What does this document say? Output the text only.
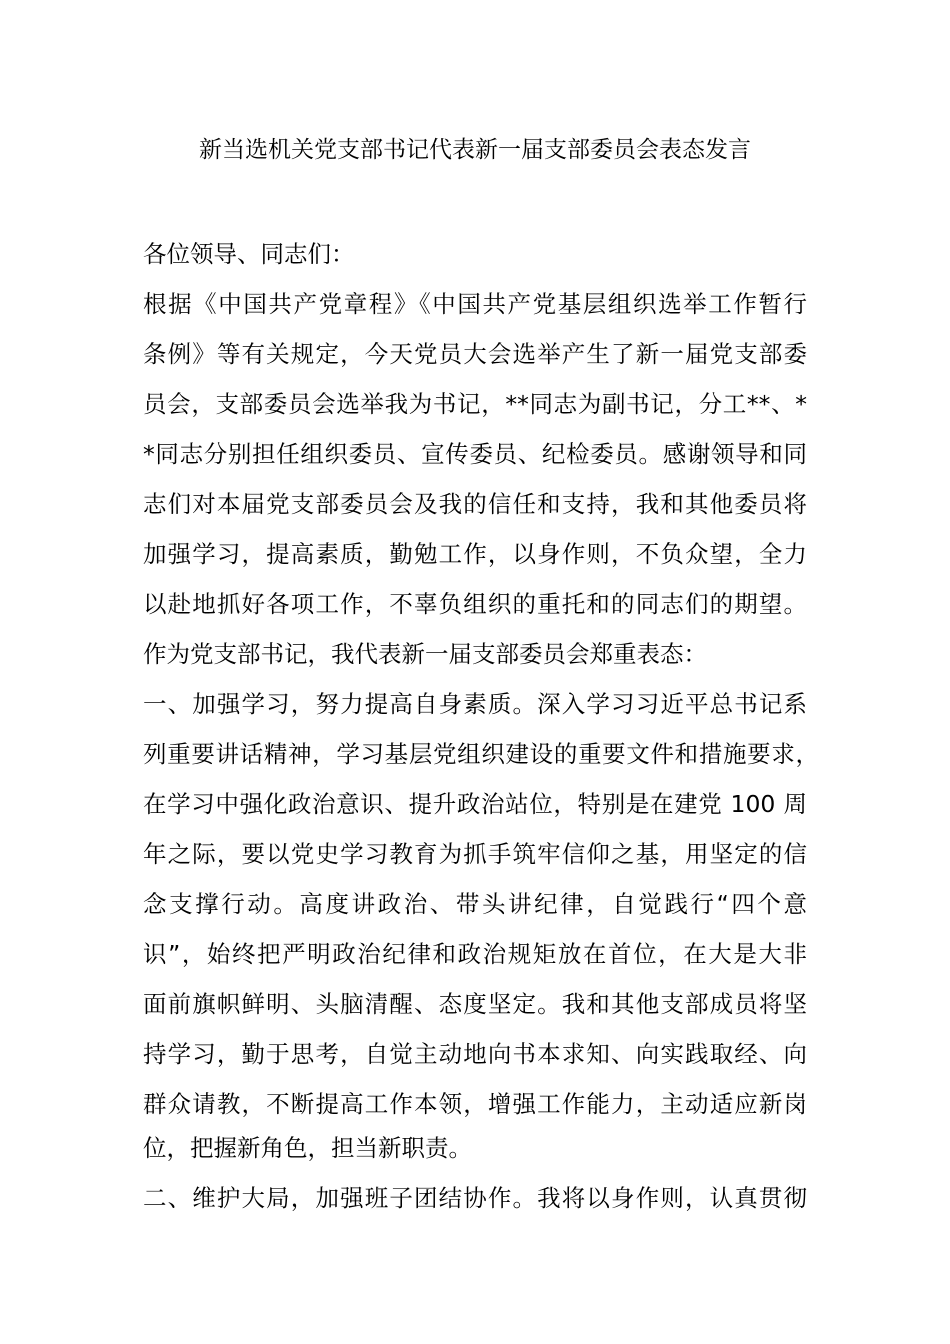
新当选机关党支部书记代表新一届支部委员会表态发言
各位领导、同志们：
根据《中国共产党章程》《中国共产党基层组织选举工作暂行
条例》等有关规定，今天党员大会选举产生了新一届党支部委
员会，支部委员会选举我为书记，**同志为副书记，分工**、*
*同志分别担任组织委员、宣传委员、纪检委员。感谢领导和同
志们对本届党支部委员会及我的信任和支持，我和其他委员将
加强学习，提高素质，勤勉工作，以身作则，不负众望，全力
以赴地抓好各项工作，不辜负组织的重托和的同志们的期望。
作为党支部书记，我代表新一届支部委员会郑重表态：
一、加强学习，努力提高自身素质。深入学习习近平总书记系
列重要讲话精神，学习基层党组织建设的重要文件和措施要求，
在学习中强化政治意识、提升政治站位，特别是在建党 100 周
年之际，要以党史学习教育为抓手筑牢信仰之基，用坚定的信
念支撑行动。高度讲政治、带头讲纪律，自觉践行“四个意
识”，始终把严明政治纪律和政治规矩放在首位，在大是大非
面前旗帜鲜明、头脑清醒、态度坚定。我和其他支部成员将坚
持学习，勤于思考，自觉主动地向书本求知、向实践取经、向
群众请教，不断提高工作本领，增强工作能力，主动适应新岗
位，把握新角色，担当新职责。
二、维护大局，加强班子团结协作。我将以身作则，认真贯彻
